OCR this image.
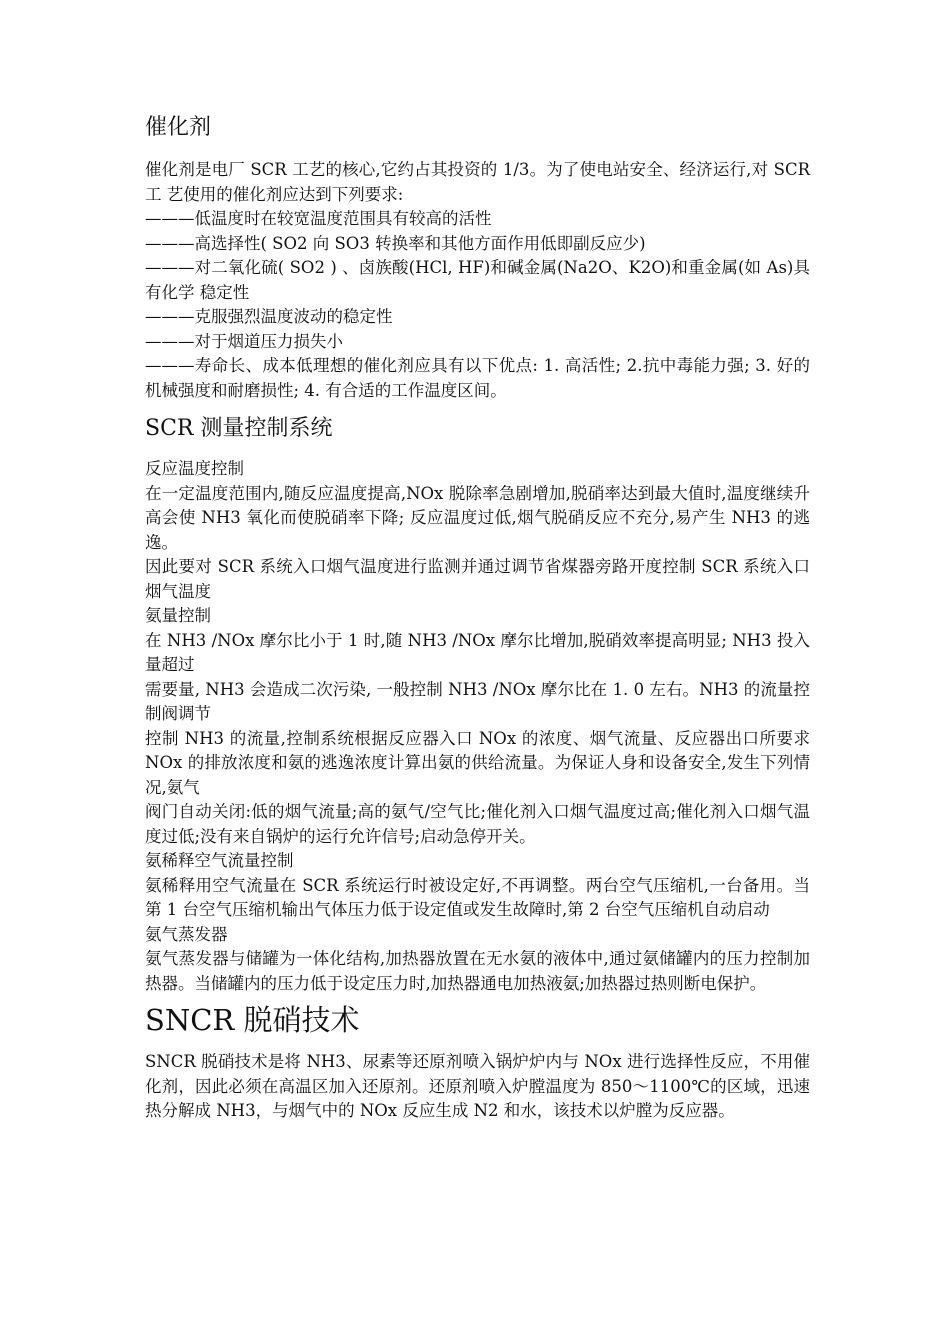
催化剂

催化剂是电厂 SCR 工艺的核心,它约占其投资的 1/3。为了使电站安全、经济运行,对 SCR 工 艺使用的催化剂应达到下列要求:

———低温度时在较宽温度范围具有较高的活性

———高选择性( SO2 向 SO3 转换率和其他方面作用低即副反应少)

———对二氧化硫( SO2 ) 、卤族酸(HCl, HF)和碱金属(Na2O、K2O)和重金属(如 As)具有化学 稳定性

———克服强烈温度波动的稳定性

———对于烟道压力损失小

———寿命长、成本低理想的催化剂应具有以下优点: 1. 高活性; 2.抗中毒能力强; 3. 好的机械强度和耐磨损性; 4. 有合适的工作温度区间。

SCR 测量控制系统

反应温度控制

在一定温度范围内,随反应温度提高,NOx 脱除率急剧增加,脱硝率达到最大值时,温度继续升高会使 NH3 氧化而使脱硝率下降; 反应温度过低,烟气脱硝反应不充分,易产生 NH3 的逃逸。

因此要对 SCR 系统入口烟气温度进行监测并通过调节省煤器旁路开度控制 SCR 系统入口烟气温度

氨量控制

在 NH3 /NOx 摩尔比小于 1 时,随 NH3 /NOx 摩尔比增加,脱硝效率提高明显; NH3 投入量超过

需要量, NH3 会造成二次污染, 一般控制 NH3 /NOx 摩尔比在 1. 0 左右。NH3 的流量控制阀调节

控制 NH3 的流量,控制系统根据反应器入口 NOx 的浓度、烟气流量、反应器出口所要求 NOx 的排放浓度和氨的逃逸浓度计算出氨的供给流量。为保证人身和设备安全,发生下列情况,氨气

阀门自动关闭:低的烟气流量;高的氨气/空气比;催化剂入口烟气温度过高;催化剂入口烟气温度过低;没有来自锅炉的运行允许信号;启动急停开关。

氨稀释空气流量控制

氨稀释用空气流量在 SCR 系统运行时被设定好,不再调整。两台空气压缩机,一台备用。当第 1 台空气压缩机输出气体压力低于设定值或发生故障时,第 2 台空气压缩机自动启动

氨气蒸发器

氨气蒸发器与储罐为一体化结构,加热器放置在无水氨的液体中,通过氨储罐内的压力控制加热器。当储罐内的压力低于设定压力时,加热器通电加热液氨;加热器过热则断电保护。

SNCR 脱硝技术

SNCR 脱硝技术是将 NH3、尿素等还原剂喷入锅炉炉内与 NOx 进行选择性反应，不用催化剂，因此必须在高温区加入还原剂。还原剂喷入炉膛温度为 850～1100℃的区域，迅速热分解成 NH3，与烟气中的 NOx 反应生成 N2 和水，该技术以炉膛为反应器。
